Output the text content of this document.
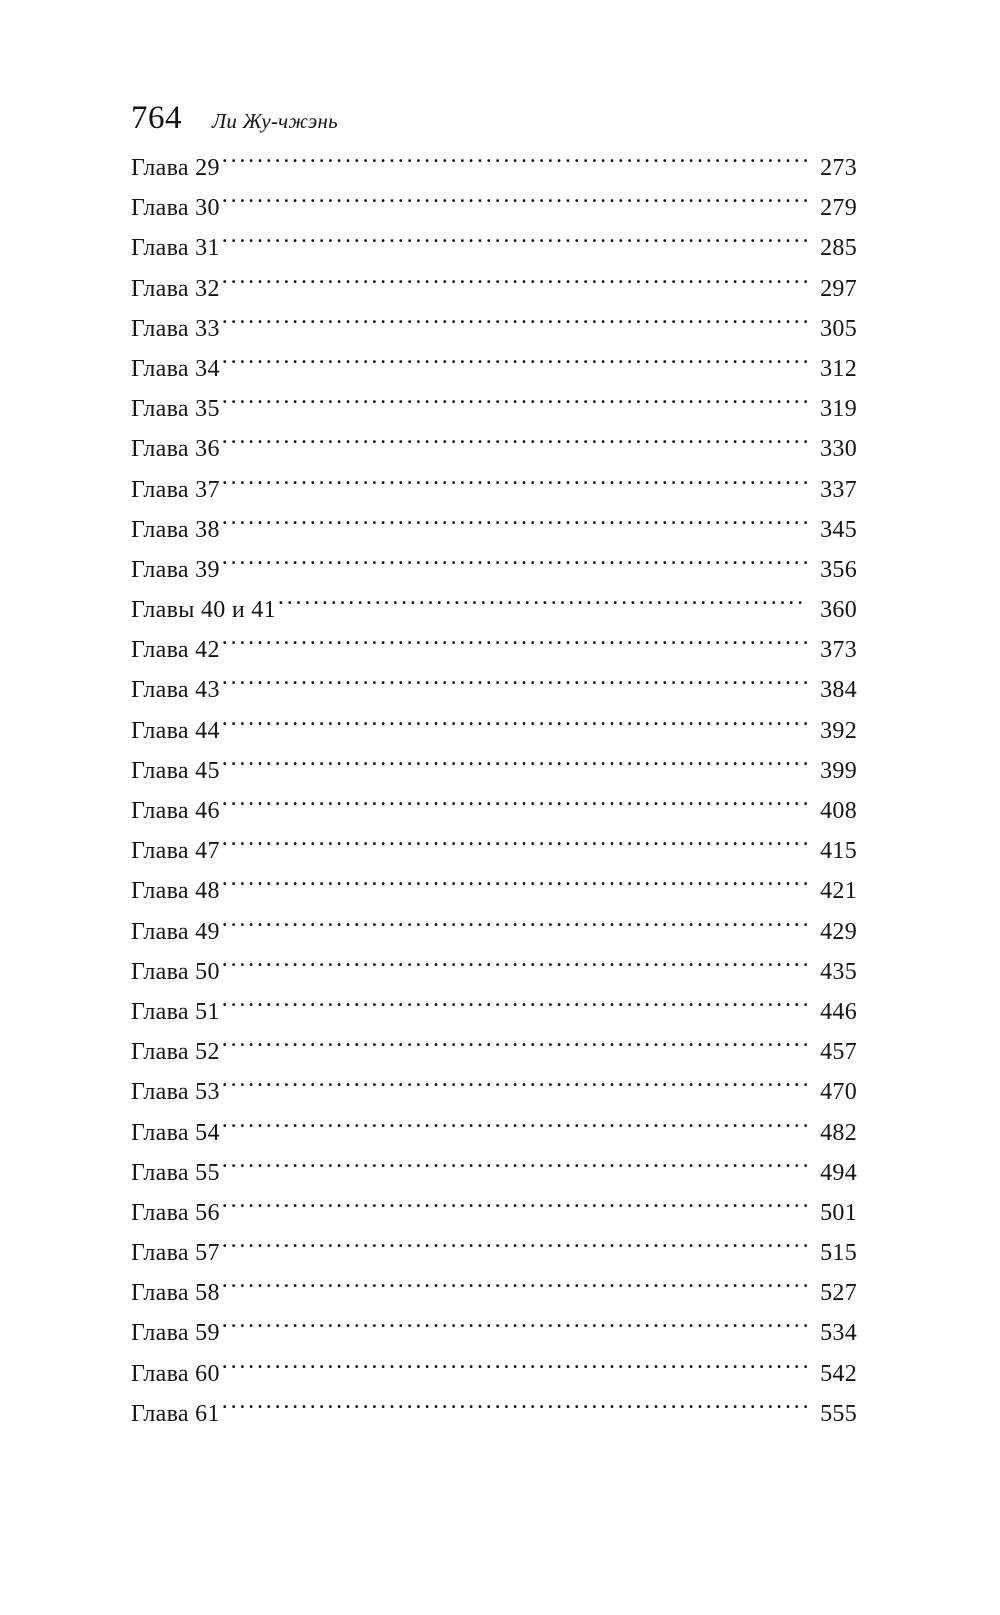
764 Ли Жу-чжэнь
Глава 29 . . .	273
Глава 30 . . .	279
Глава 31 . . .	285
Глава 32 . . .	297
Глава 33 . . .	305
Глава 34 . . .	312
Глава 35 . . .	319
Глава 36 . . .	330
Глава 37 . . .	337
Глава 38 . . .	345
Глава 39 . . .	356
Главы 40 и 41 . . .	360
Глава 42 . . .	373
Глава 43 . . .	384
Глава 44 . . .	392
Глава 45 . . .	399
Глава 46 . . .	408
Глава 47 . . .	415
Глава 48 . . .	421
Глава 49 . . .	429
Глава 50 . . .	435
Глава 51 . . .	446
Глава 52 . . .	457
Глава 53 . . .	470
Глава 54 . . .	482
Глава 55 . . .	494
Глава 56 . . .	501
Глава 57 . . .	515
Глава 58 . . .	527
Глава 59 . . .	534
Глава 60 . . .	542
Глава 61 . . .	555
